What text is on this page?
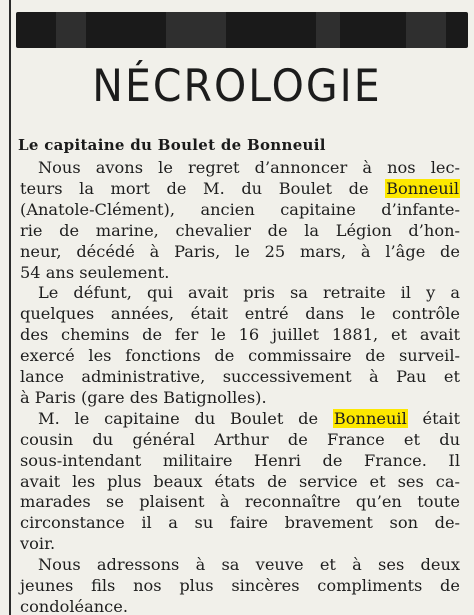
NÉCROLOGIE
Le capitaine du Boulet de Bonneuil
Nous avons le regret d’annoncer à nos lec-
teurs la mort de M. du Boulet de Bonneuil
(Anatole-Clément), ancien capitaine d’infante-
rie de marine, chevalier de la Légion d’hon-
neur, décédé à Paris, le 25 mars, à l’âge de
54 ans seulement.
Le défunt, qui avait pris sa retraite il y a
quelques années, était entré dans le contrôle
des chemins de fer le 16 juillet 1881, et avait
exercé les fonctions de commissaire de surveil-
lance administrative, successivement à Pau et
à Paris (gare des Batignolles).
M. le capitaine du Boulet de Bonneuil était
cousin du général Arthur de France et du
sous-intendant militaire Henri de France. Il
avait les plus beaux états de service et ses ca-
marades se plaisent à reconnaître qu’en toute
circonstance il a su faire bravement son de-
voir.
Nous adressons à sa veuve et à ses deux
jeunes fils nos plus sincères compliments de
condoléance.
